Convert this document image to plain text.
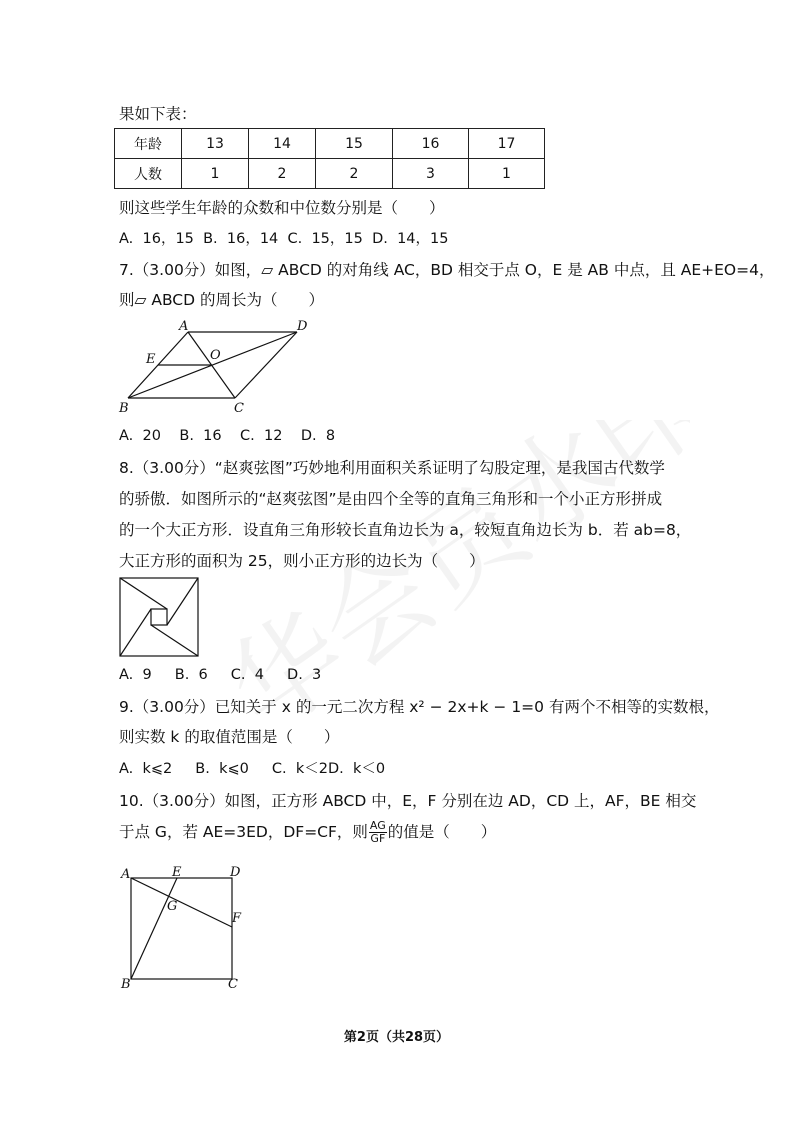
果如下表：
年龄	13	14	15	16	17
人数	1	2	2	3	1
则这些学生年龄的众数和中位数分别是（　　）
A.  16，15  B.  16，14  C.  15，15  D.  14，15
7.（3.00分）如图，▱ ABCD 的对角线 AC，BD 相交于点 O，E 是 AB 中点，且 AE+EO=4，
则▱ ABCD 的周长为（　　）
A	D
E	O
B	C
A.  20    B.  16    C.  12    D.  8
8.（3.00分）“赵爽弦图”巧妙地利用面积关系证明了勾股定理，是我国古代数学
的骄傲．如图所示的“赵爽弦图”是由四个全等的直角三角形和一个小正方形拼成
的一个大正方形．设直角三角形较长直角边长为 a，较短直角边长为 b．若 ab=8，
大正方形的面积为 25，则小正方形的边长为（　　）
A.  9     B.  6     C.  4     D.  3
9.（3.00分）已知关于 x 的一元二次方程 x² − 2x+k − 1=0 有两个不相等的实数根，
则实数 k 的取值范围是（　　）
A.  k⩽2     B.  k⩽0     C.  k＜2D.  k＜0
10.（3.00分）如图，正方形 ABCD 中，E，F 分别在边 AD，CD 上，AF，BE 相交
于点 G，若 AE=3ED，DF=CF，则 $\frac{AG}{GF}$ 的值是（　　）
A	E	D
G
F
B	C
第2页（共28页）
